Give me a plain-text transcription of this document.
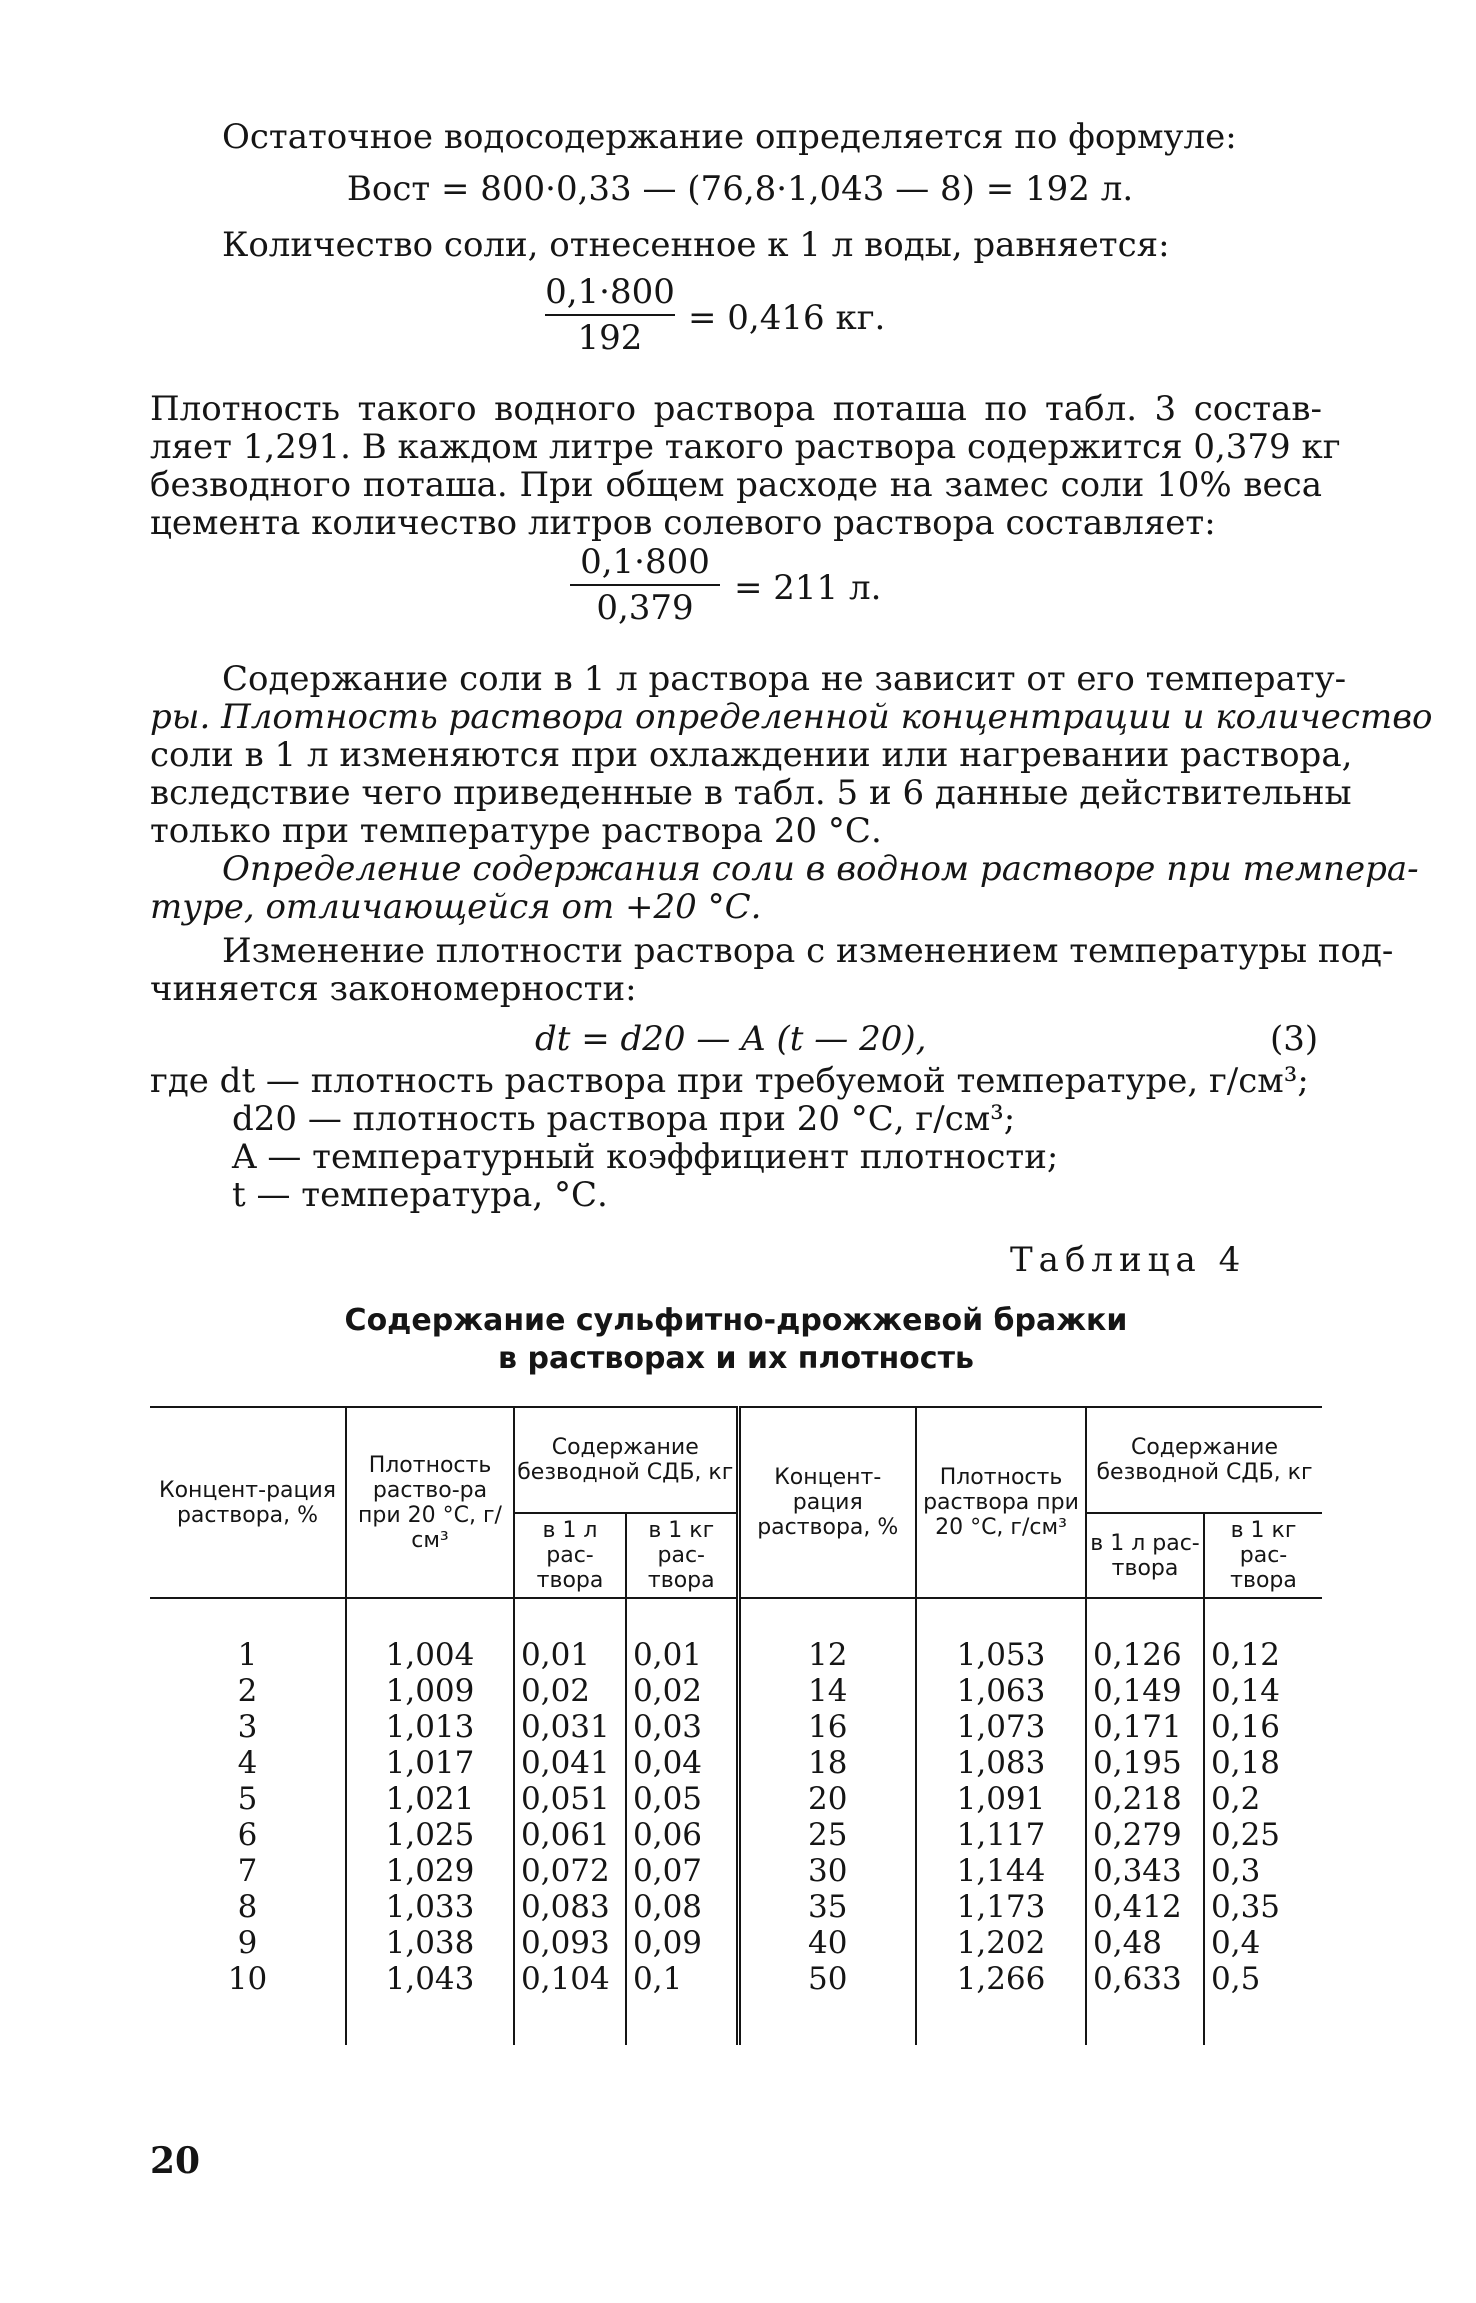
Остаточное водосодержание определяется по формуле:
Bост = 800·0,33 — (76,8·1,043 — 8) = 192 л.
Количество соли, отнесенное к 1 л воды, равняется:
0,1·800
192	= 0,416 кг.
Плотность такого водного раствора поташа по табл. 3 состав-
ляет 1,291. В каждом литре такого раствора содержится 0,379 кг
безводного поташа. При общем расходе на замес соли 10% веса
цемента количество литров солевого раствора составляет:
0,1·800
0,379	= 211 л.
Содержание соли в 1 л раствора не зависит от его температу-
ры. Плотность раствора определенной концентрации и количество
соли в 1 л изменяются при охлаждении или нагревании раствора,
вследствие чего приведенные в табл. 5 и 6 данные действительны
только при температуре раствора 20 °С.
Определение содержания соли в водном растворе при темпера-
туре, отличающейся от +20 °С.
Изменение плотности раствора с изменением температуры под-
чиняется закономерности:
dt = d20 — A (t — 20),	(3)
где dt — плотность раствора при требуемой температуре, г/см³;
d20 — плотность раствора при 20 °С, г/см³;
A — температурный коэффициент плотности;
t — температура, °С.
Таблица 4
Содержание сульфитно-дрожжевой бражки
в растворах и их плотность
Концент-рация раствора, %	Плотность раство-ра при 20 °С, г/см³	Содержание безводной СДБ, кг		Концент-рация раствора, %	Плотность раствора при 20 °С, г/см³	Содержание безводной СДБ, кг	
		в 1 л рас-твора	в 1 кг рас-твора			в 1 л рас-твора	в 1 кг рас-твора
1	1,004	0,01	0,01	12	1,053	0,126	0,12
2	1,009	0,02	0,02	14	1,063	0,149	0,14
3	1,013	0,031	0,03	16	1,073	0,171	0,16
4	1,017	0,041	0,04	18	1,083	0,195	0,18
5	1,021	0,051	0,05	20	1,091	0,218	0,2
6	1,025	0,061	0,06	25	1,117	0,279	0,25
7	1,029	0,072	0,07	30	1,144	0,343	0,3
8	1,033	0,083	0,08	35	1,173	0,412	0,35
9	1,038	0,093	0,09	40	1,202	0,48	0,4
10	1,043	0,104	0,1	50	1,266	0,633	0,5
20
